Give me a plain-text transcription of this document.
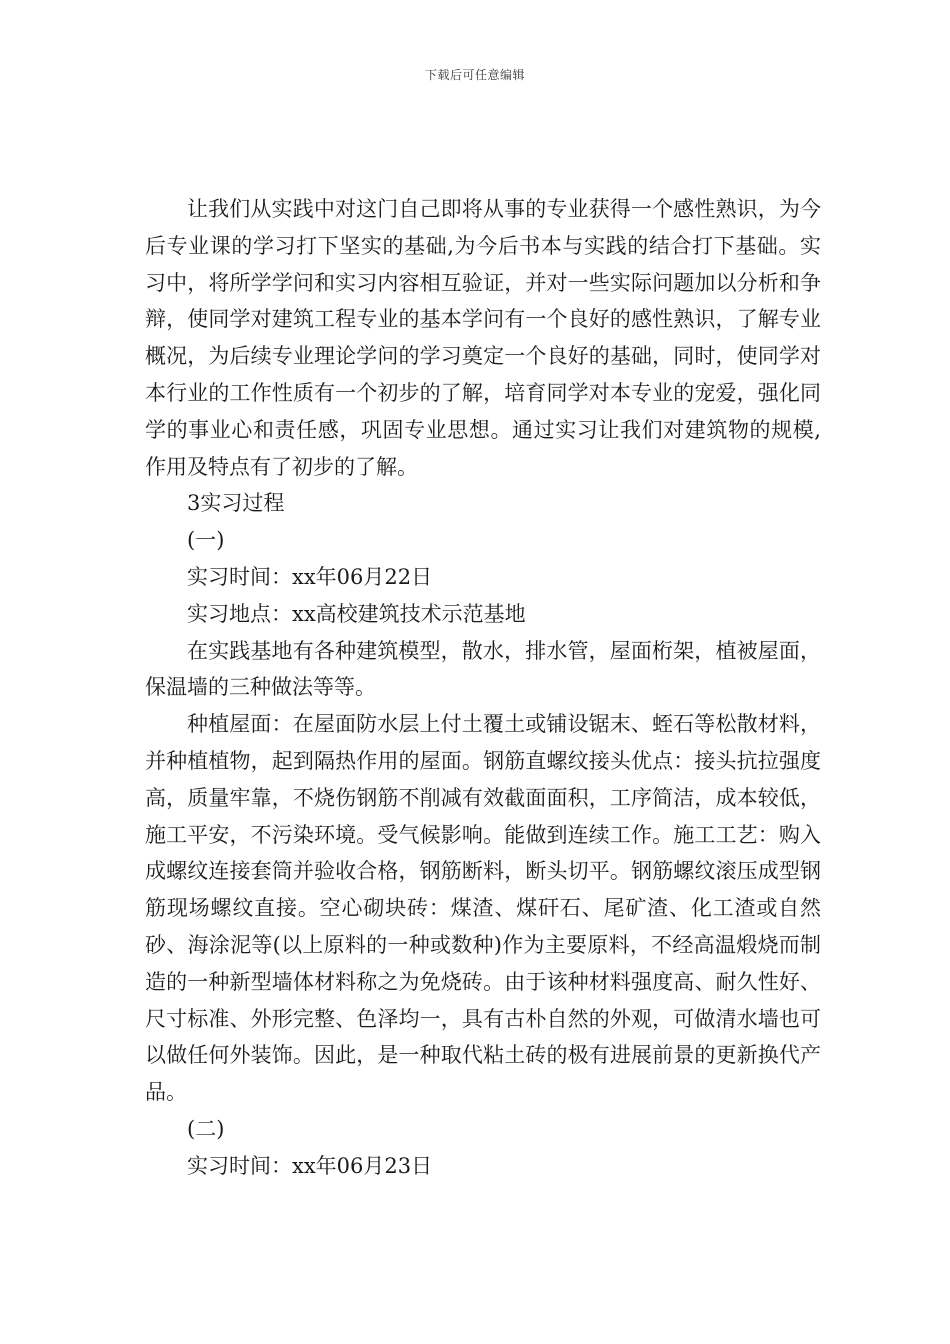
下载后可任意编辑

让我们从实践中对这门自己即将从事的专业获得一个感性熟识，为今后专业课的学习打下坚实的基础,为今后书本与实践的结合打下基础。实习中，将所学学问和实习内容相互验证，并对一些实际问题加以分析和争辩，使同学对建筑工程专业的基本学问有一个良好的感性熟识，了解专业概况，为后续专业理论学问的学习奠定一个良好的基础，同时，使同学对本行业的工作性质有一个初步的了解，培育同学对本专业的宠爱，强化同学的事业心和责任感，巩固专业思想。通过实习让我们对建筑物的规模,作用及特点有了初步的了解。

3实习过程

(一)

实习时间：xx年06月22日

实习地点：xx高校建筑技术示范基地

在实践基地有各种建筑模型，散水，排水管，屋面桁架，植被屋面，保温墙的三种做法等等。

种植屋面：在屋面防水层上付土覆土或铺设锯末、蛭石等松散材料，并种植植物，起到隔热作用的屋面。钢筋直螺纹接头优点：接头抗拉强度高，质量牢靠，不烧伤钢筋不削减有效截面面积，工序简洁，成本较低，施工平安，不污染环境。受气候影响。能做到连续工作。施工工艺：购入成螺纹连接套筒并验收合格，钢筋断料，断头切平。钢筋螺纹滚压成型钢筋现场螺纹直接。空心砌块砖：煤渣、煤矸石、尾矿渣、化工渣或自然 砂、海涂泥等(以上原料的一种或数种)作为主要原料，不经高温煅烧而制造的一种新型墙体材料称之为免烧砖。由于该种材料强度高、耐久性好、尺寸标准、外形完整、色泽均一，具有古朴自然的外观，可做清水墙也可以做任何外装饰。因此，是一种取代粘土砖的极有进展前景的更新换代产品。

(二)

实习时间：xx年06月23日
